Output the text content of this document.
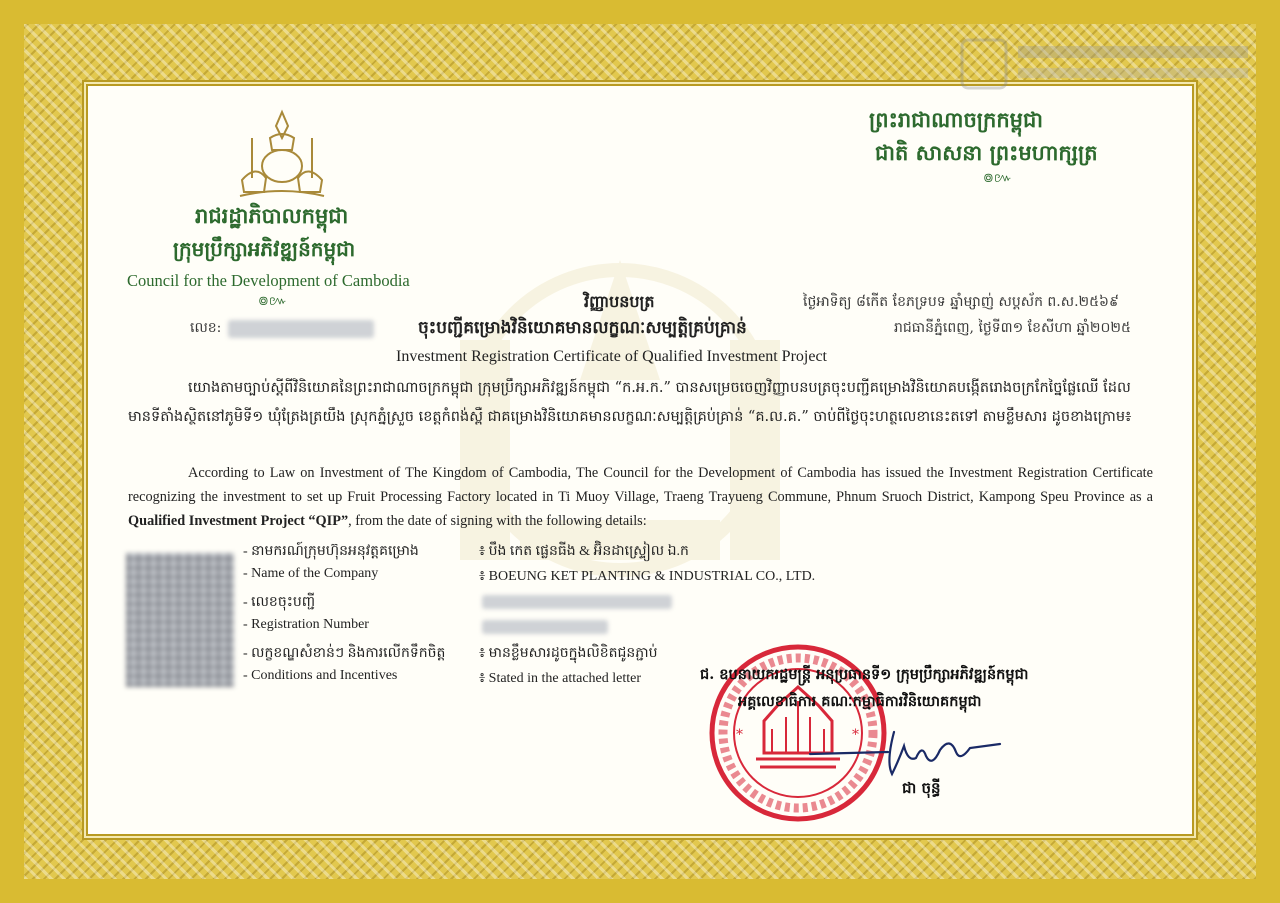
រាជរដ្ឋាភិបាលកម្ពុជា
ក្រុមប្រឹក្សាអភិវឌ្ឍន៍កម្ពុជា
Council for the Development of Cambodia
៙៚
លេខ:
ព្រះរាជាណាចក្រកម្ពុជា
ជាតិ សាសនា ព្រះមហាក្សត្រ
៙៚
វិញ្ញាបនបត្រ
ចុះបញ្ជីគម្រោងវិនិយោគមានលក្ខណៈសម្បត្តិគ្រប់គ្រាន់
Investment Registration Certificate of Qualified Investment Project
ថ្ងៃអាទិត្យ ៨កើត ខែភទ្របទ ឆ្នាំម្សាញ់ សប្តស័ក ព.ស.២៥៦៩
រាជធានីភ្នំពេញ, ថ្ងៃទី៣១ ខែសីហា ឆ្នាំ២០២៥
យោងតាមច្បាប់ស្តីពីវិនិយោគនៃព្រះរាជាណាចក្រកម្ពុជា ក្រុមប្រឹក្សាអភិវឌ្ឍន៍កម្ពុជា “ក.អ.ក.” បានសម្រេចចេញវិញ្ញាបនបត្រចុះបញ្ជីគម្រោងវិនិយោគបង្កើតរោងចក្រកែច្នៃផ្លែឈើ ដែលមានទីតាំងស្ថិតនៅភូមិទី១ ឃុំត្រែងត្រយឹង ស្រុកភ្នំស្រួច ខេត្តកំពង់ស្ពឺ ជាគម្រោងវិនិយោគមានលក្ខណៈសម្បត្តិគ្រប់គ្រាន់ “គ.ល.គ.” ចាប់ពីថ្ងៃចុះហត្ថលេខានេះតទៅ តាមខ្លឹមសារ ដូចខាងក្រោម៖
According to Law on Investment of The Kingdom of Cambodia, The Council for the Development of Cambodia has issued the Investment Registration Certificate recognizing the investment to set up Fruit Processing Factory located in Ti Muoy Village, Traeng Trayueng Commune, Phnum Sruoch District, Kampong Speu Province as a Qualified Investment Project “QIP”, from the date of signing with the following details:
- នាមករណ៍ក្រុមហ៊ុនអនុវត្តគម្រោង	៖ បឹង កេត ផ្លេនធីង & អ៊ិនដាស្ទ្រៀល ឯ.ក
- Name of the Company	៖ BOEUNG KET PLANTING & INDUSTRIAL CO., LTD.
- លេខចុះបញ្ជី
- Registration Number
- លក្ខខណ្ឌសំខាន់ៗ និងការលើកទឹកចិត្ត ៖ មានខ្លឹមសារដូចក្នុងលិខិតជូនភ្ជាប់
- Conditions and Incentives	៖ Stated in the attached letter
*	*
ជ. ឧបនាយករដ្ឋមន្ត្រី អនុប្រធានទី១ ក្រុមប្រឹក្សាអភិវឌ្ឍន៍កម្ពុជា
អគ្គលេខាធិការ គណៈកម្មាធិការវិនិយោគកម្ពុជា
ជា ចុន្ធី
